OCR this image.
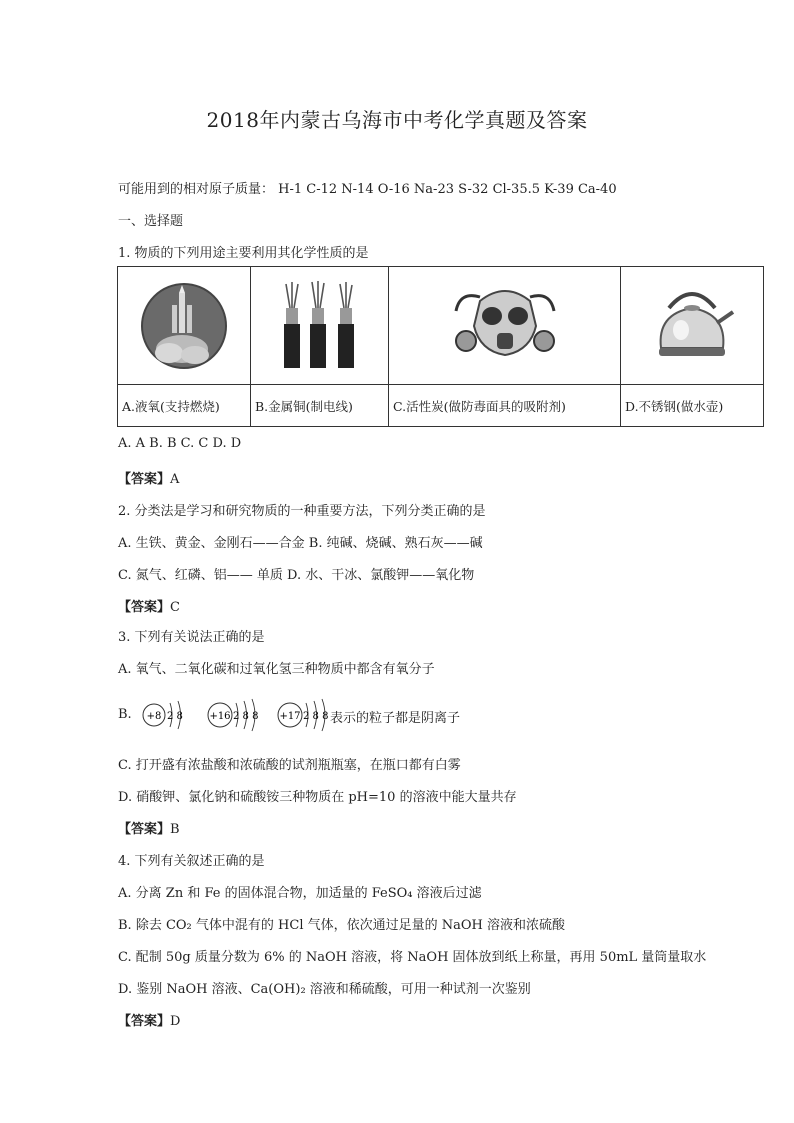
2018年内蒙古乌海市中考化学真题及答案
可能用到的相对原子质量： H-1 C-12 N-14 O-16 Na-23 S-32 Cl-35.5 K-39 Ca-40
一、选择题
1. 物质的下列用途主要利用其化学性质的是

A.液氧(支持燃烧)	B.金属铜(制电线)	C.活性炭(做防毒面具的吸附剂)	D.不锈钢(做水壶)
A. A B. B C. C D. D
【答案】A
2. 分类法是学习和研究物质的一种重要方法，下列分类正确的是
A. 生铁、黄金、金刚石——合金 B. 纯碱、烧碱、熟石灰——碱
C. 氮气、红磷、铝—— 单质 D. 水、干冰、氯酸钾——氧化物
【答案】C
3. 下列有关说法正确的是
A. 氧气、二氧化碳和过氧化氢三种物质中都含有氧分子
B. +8 2 8	+16 2 8 8 +17 2 8 8 表示的粒子都是阴离子
C. 打开盛有浓盐酸和浓硫酸的试剂瓶瓶塞，在瓶口都有白雾
D. 硝酸钾、氯化钠和硫酸铵三种物质在 pH=10 的溶液中能大量共存
【答案】B
4. 下列有关叙述正确的是
A. 分离 Zn 和 Fe 的固体混合物，加适量的 FeSO₄ 溶液后过滤
B. 除去 CO₂ 气体中混有的 HCl 气体，依次通过足量的 NaOH 溶液和浓硫酸
C. 配制 50g 质量分数为 6% 的 NaOH 溶液，将 NaOH 固体放到纸上称量，再用 50mL 量筒量取水
D. 鉴别 NaOH 溶液、Ca(OH)₂ 溶液和稀硫酸，可用一种试剂一次鉴别
【答案】D
